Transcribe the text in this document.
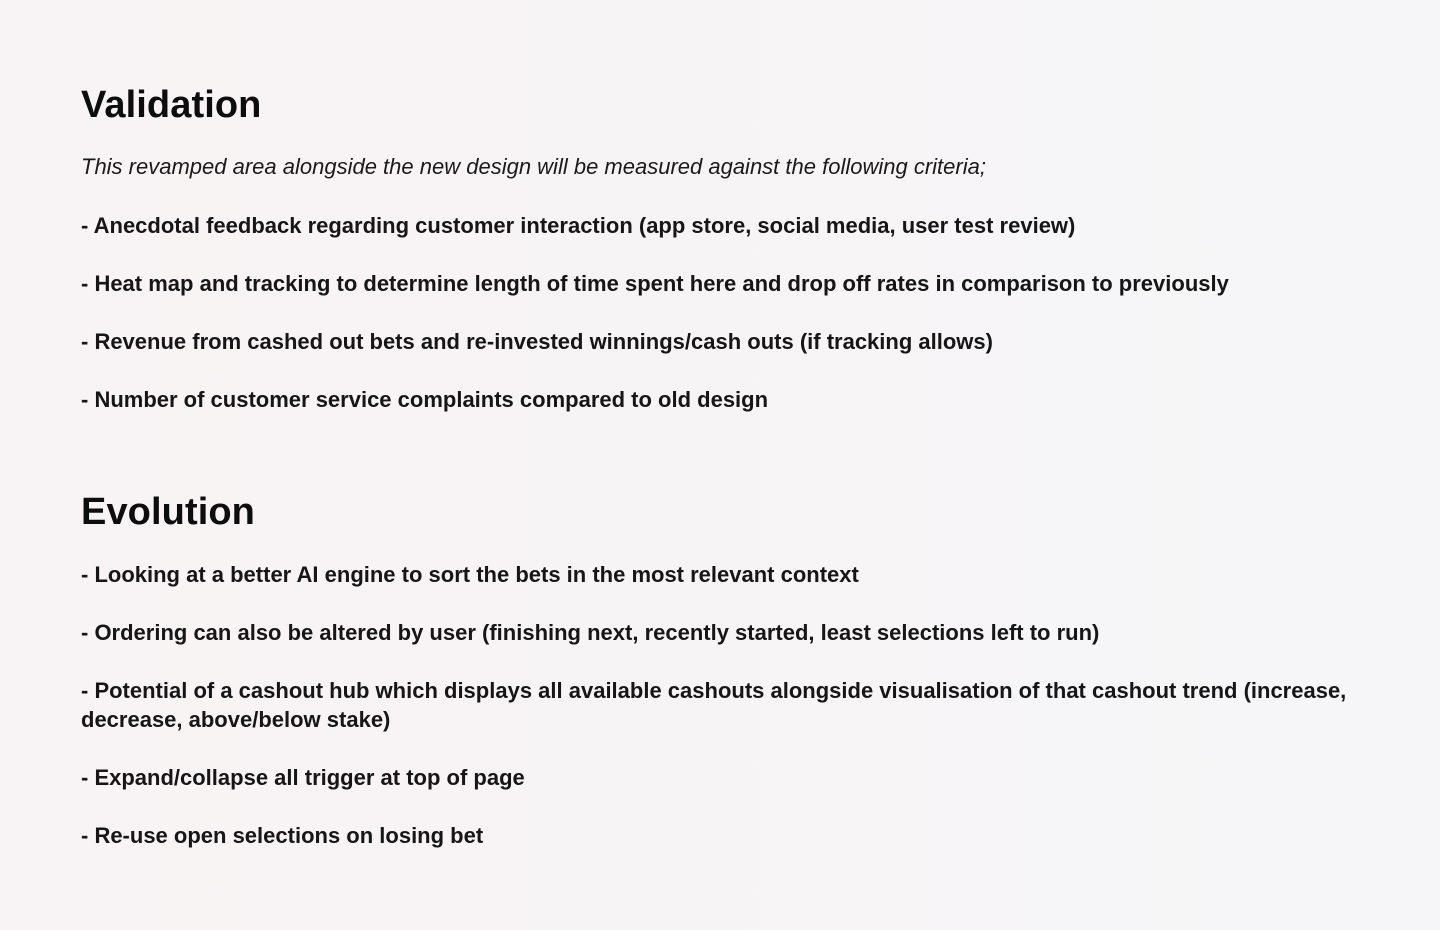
Validation

This revamped area alongside the new design will be measured against the following criteria;

- Anecdotal feedback regarding customer interaction (app store, social media, user test review)
- Heat map and tracking to determine length of time spent here and drop off rates in comparison to previously
- Revenue from cashed out bets and re-invested winnings/cash outs (if tracking allows)
- Number of customer service complaints compared to old design
Evolution
- Looking at a better AI engine to sort the bets in the most relevant context
- Ordering can also be altered by user (finishing next, recently started, least selections left to run)
- Potential of a cashout hub which displays all available cashouts alongside visualisation of that cashout trend (increase, decrease, above/below stake)
- Expand/collapse all trigger at top of page
- Re-use open selections on losing bet
